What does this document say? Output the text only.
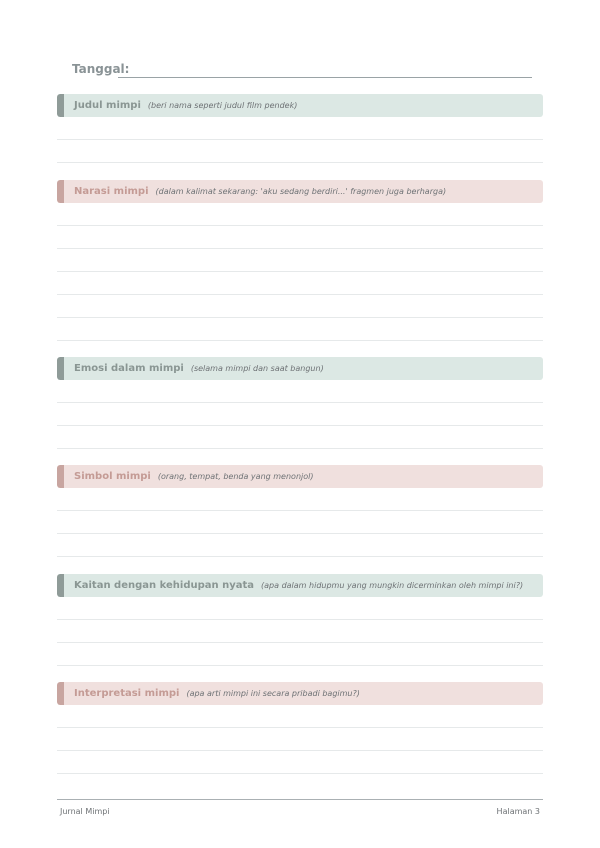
Tanggal:
Judul mimpi (beri nama seperti judul film pendek)
Narasi mimpi (dalam kalimat sekarang: 'aku sedang berdiri...' fragmen juga berharga)
Emosi dalam mimpi (selama mimpi dan saat bangun)
Simbol mimpi (orang, tempat, benda yang menonjol)
Kaitan dengan kehidupan nyata (apa dalam hidupmu yang mungkin dicerminkan oleh mimpi ini?)
Interpretasi mimpi (apa arti mimpi ini secara pribadi bagimu?)
Jurnal Mimpi	Halaman 3
